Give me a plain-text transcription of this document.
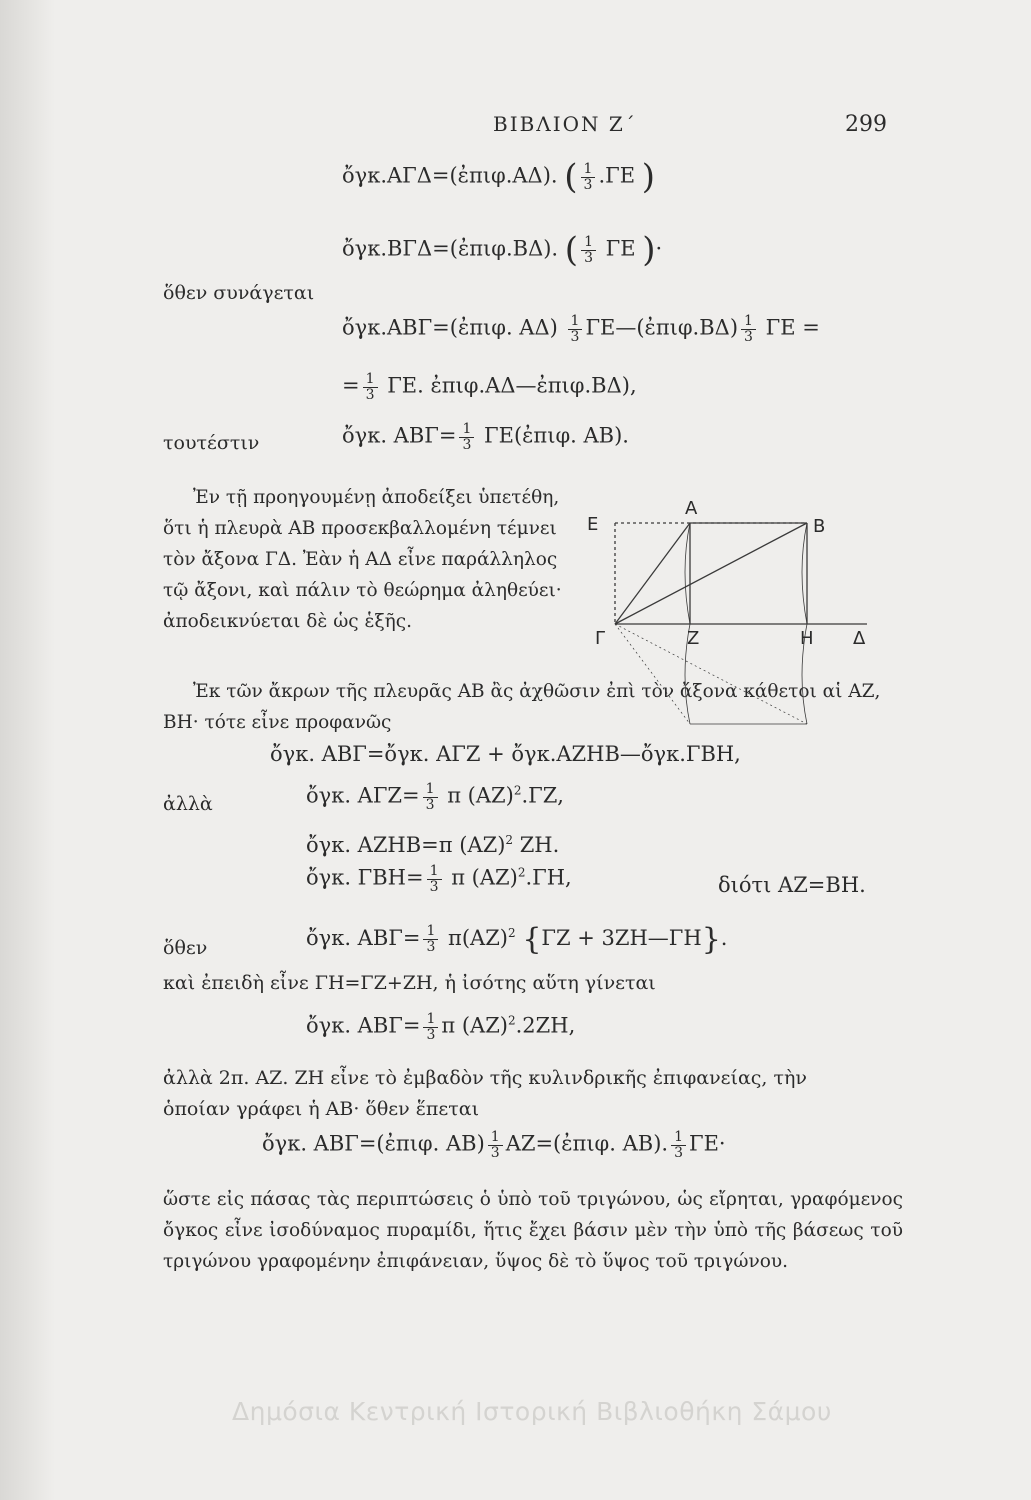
ΒΙΒΛΙΟΝ Ζ΄	299
ὄγκ.ΑΓΔ=(ἐπιφ.ΑΔ). ( $\frac{1}{3} .\Gamma E$ )
ὄγκ.ΒΓΔ=(ἐπιφ.ΒΔ). ( $\frac{1}{3}$ ΓΕ )·
ὅθεν συνάγεται
ὄγκ.ΑΒΓ=(ἐπιφ. $A\Delta) \frac{1}{3}$ ΓΕ—(ἐπιφ.ΒΔ) $\frac{1}{3}$ ΓΕ =
= $\frac{1}{3} \Gamma E$. ἐπιφ.ΑΔ—ἐπιφ.ΒΔ),
τουτέστιν	ὄγκ. $AB\Gamma= \frac{1}{3}$ ΓΕ(ἐπιφ. ΑΒ).
Ἐν τῇ προηγουμένῃ ἀποδείξει ὑπετέθη, ὅτι ἡ πλευρὰ ΑΒ προσεκβαλλομένη τέμνει τὸν ἄξονα ΓΔ. Ἐὰν ἡ ΑΔ εἶνε παράλληλος τῷ ἄξονι, καὶ πάλιν τὸ θεώρημα ἀληθεύει· ἀποδεικνύεται δὲ ὡς ἑξῆς.
E
A
B
Γ	Z	H Δ
Ἐκ τῶν ἄκρων τῆς πλευρᾶς ΑΒ ἂς ἀχθῶσιν ἐπὶ τὸν ἄξονα κάθετοι αἱ ΑΖ, ΒΗ· τότε εἶνε προφανῶς
ὄγκ. ΑΒΓ=ὄγκ. ΑΓΖ + ὄγκ.ΑΖΗΒ—ὄγκ.ΓΒΗ,
ἀλλὰ	ὄγκ. $A\Gamma Z= \frac{1}{3}$ π $(AZ)^2.\Gamma Z$,
ὄγκ. ΑΖΗΒ=π $(AZ)^2$ ΖΗ.
ὄγκ. $\Gamma BH= \frac{1}{3}$ π $(AZ)^2.\Gamma H$,	διότι ΑΖ=ΒΗ.
ὅθεν	ὄγκ. $AB\Gamma= \frac{1}{3} \pi(AZ)^2$ {ΓΖ + 3ΖΗ—ΓΗ}.
καὶ ἐπειδὴ εἶνε ΓΗ=ΓΖ+ΖΗ, ἡ ἰσότης αὕτη γίνεται
ὄγκ. $AB\Gamma= \frac{1}{3}$ π $(AZ)^2.2ZH$,
ἀλλὰ 2π. ΑΖ. ΖΗ εἶνε τὸ ἐμβαδὸν τῆς κυλινδρικῆς ἐπιφανείας, τὴν
ὁποίαν γράφει ἡ ΑΒ· ὅθεν ἕπεται
ὄγκ. ΑΒΓ=(ἐπιφ. $AB) \frac{1}{3}$ ΑΖ=(ἐπιφ. ΑΒ). $\frac{1}{3} \Gamma E\cdot$
ὥστε εἰς πάσας τὰς περιπτώσεις ὁ ὑπὸ τοῦ τριγώνου, ὡς εἴρηται, γραφόμενος ὄγκος εἶνε ἰσοδύναμος πυραμίδι, ἥτις ἔχει βάσιν μὲν τὴν ὑπὸ τῆς βάσεως τοῦ τριγώνου γραφομένην ἐπιφάνειαν, ὕψος δὲ τὸ ὕψος τοῦ τριγώνου.
Δημόσια Κεντρική Ιστορική Βιβλιοθήκη Σάμου
